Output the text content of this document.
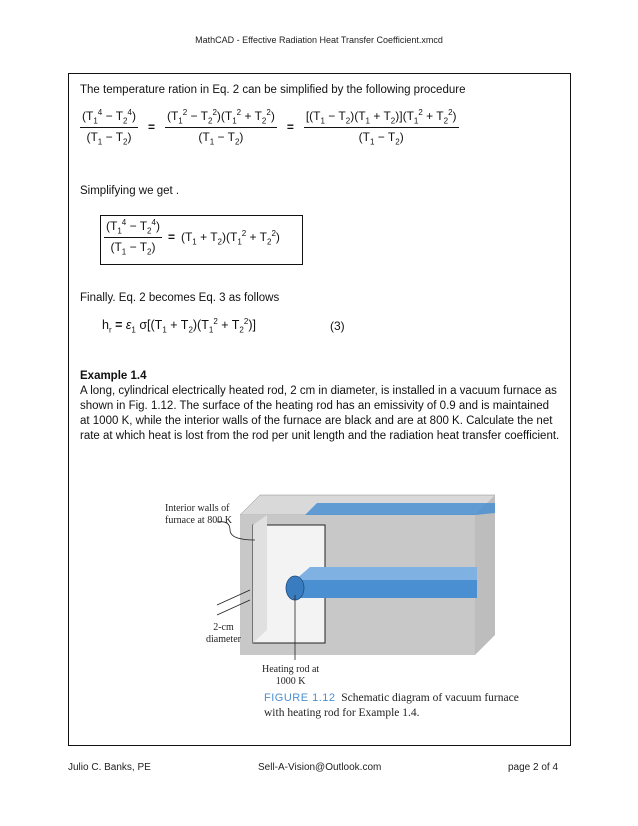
MathCAD - Effective Radiation Heat Transfer Coefficient.xmcd
The temperature ration in Eq. 2 can be simplified by the following procedure
$\frac{(T_1^4 - T_2^4)}{(T_1 - T_2)} = \frac{(T_1^2 - T_2^2)(T_1^2 + T_2^2)}{(T_1 - T_2)} = \frac{[(T_1 - T_2)(T_1 + T_2)](T_1^2 + T_2^2)}{(T_1 - T_2)}$
Simplifying we get .
$\frac{(T_1^4 - T_2^4)}{(T_1 - T_2)} = (T_1 + T_2)(T_1^2 + T_2^2)$
Finally. Eq. 2 becomes Eq. 3 as follows
$h_r = \varepsilon_1$ $\sigma[(T_1 + T_2)(T_1^2 + T_2^2)]$	(3)
Example 1.4
A long, cylindrical electrically heated rod, 2 cm in diameter, is installed in a vacuum furnace as shown in Fig. 1.12. The surface of the heating rod has an emissivity of 0.9 and is maintained at 1000 K, while the interior walls of the furnace are black and are at 800 K. Calculate the net rate at which heat is lost from the rod per unit length and the radiation heat transfer coefficient.
Interior walls of
furnace at 800 K
2-cm
diameter
Heating rod at
1000 K
FIGURE 1.12 Schematic diagram of vacuum furnace
with heating rod for Example 1.4.
Julio C. Banks, PE	Sell-A-Vision@Outlook.com	page 2 of 4
